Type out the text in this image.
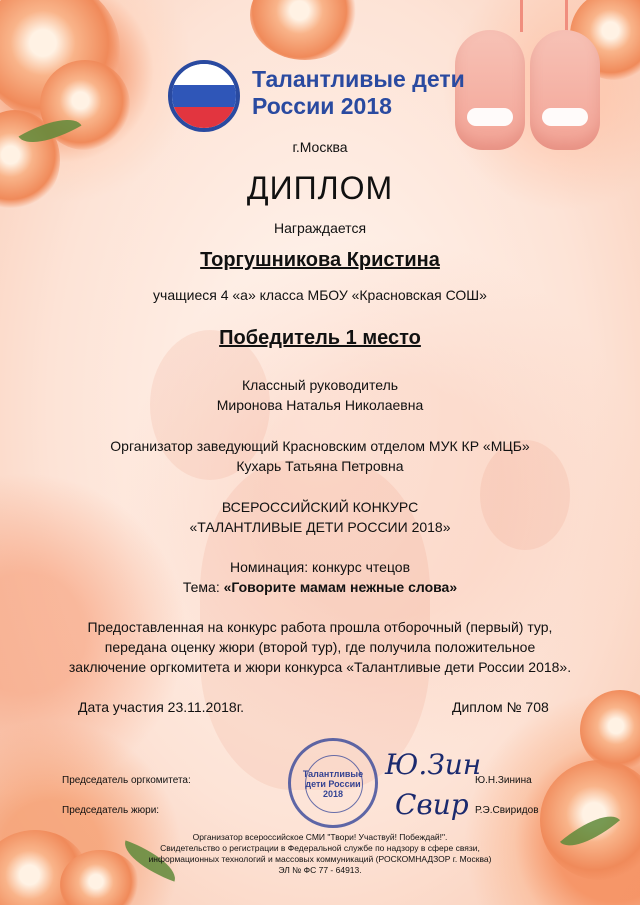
Талантливые дети
России 2018
г.Москва
ДИПЛОМ
Награждается
Торгушникова Кристина
учащиеся 4 «а» класса МБОУ «Красновская СОШ»
Победитель 1 место
Классный руководитель
Миронова Наталья Николаевна
Организатор заведующий Красновским отделом МУК КР «МЦБ»
Кухарь Татьяна Петровна
ВСЕРОССИЙСКИЙ КОНКУРС
«ТАЛАНТЛИВЫЕ ДЕТИ РОССИИ 2018»
Номинация: конкурс чтецов
Тема: «Говорите мамам нежные слова»
Предоставленная на конкурс работа прошла отборочный (первый) тур,
передана оценку жюри (второй тур), где получила положительное
заключение оргкомитета и жюри конкурса «Талантливые дети России 2018».
Дата участия 23.11.2018г.	Диплом № 708
Талантливые
дети России
2018
Председатель оргкомитета:	Ю.Н.Зинина
Ю.Зин
Председатель жюри:	Р.Э.Свиридов
Свир
Организатор всероссийское СМИ "Твори! Участвуй! Побеждай!".
Свидетельство о регистрации в Федеральной службе по надзору в сфере связи,
информационных технологий и массовых коммуникаций (РОСКОМНАДЗОР г. Москва)
ЭЛ № ФС 77 - 64913.
